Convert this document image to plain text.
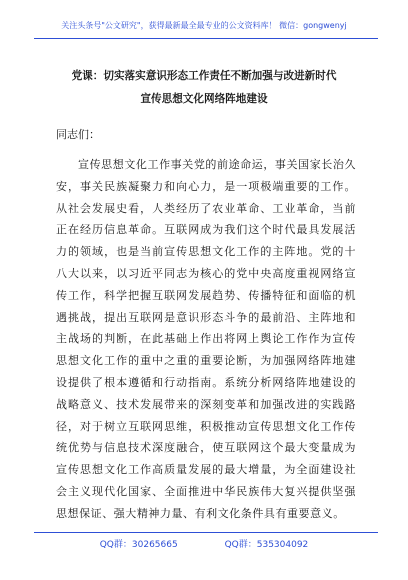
关注头条号"公文研究"，获得最新最全最专业的公文资料库！ 微信：gongwenyj
党课：切实落实意识形态工作责任不断加强与改进新时代
宣传思想文化网络阵地建设
同志们：

宣传思想文化工作事关党的前途命运，事关国家长治久安，事关民族凝聚力和向心力，是一项极端重要的工作。从社会发展史看，人类经历了农业革命、工业革命，当前正在经历信息革命。互联网成为我们这个时代最具发展活力的领域，也是当前宣传思想文化工作的主阵地。党的十八大以来，以习近平同志为核心的党中央高度重视网络宣传工作，科学把握互联网发展趋势、传播特征和面临的机遇挑战，提出互联网是意识形态斗争的最前沿、主阵地和主战场的判断，在此基础上作出将网上舆论工作作为宣传思想文化工作的重中之重的重要论断，为加强网络阵地建设提供了根本遵循和行动指南。系统分析网络阵地建设的战略意义、技术发展带来的深刻变革和加强改进的实践路径，对于树立互联网思维，积极推动宣传思想文化工作传统优势与信息技术深度融合，使互联网这个最大变量成为宣传思想文化工作高质量发展的最大增量，为全面建设社会主义现代化国家、全面推进中华民族伟大复兴提供坚强思想保证、强大精神力量、有利文化条件具有重要意义。

QQ群：30265665	QQ群：535304092
